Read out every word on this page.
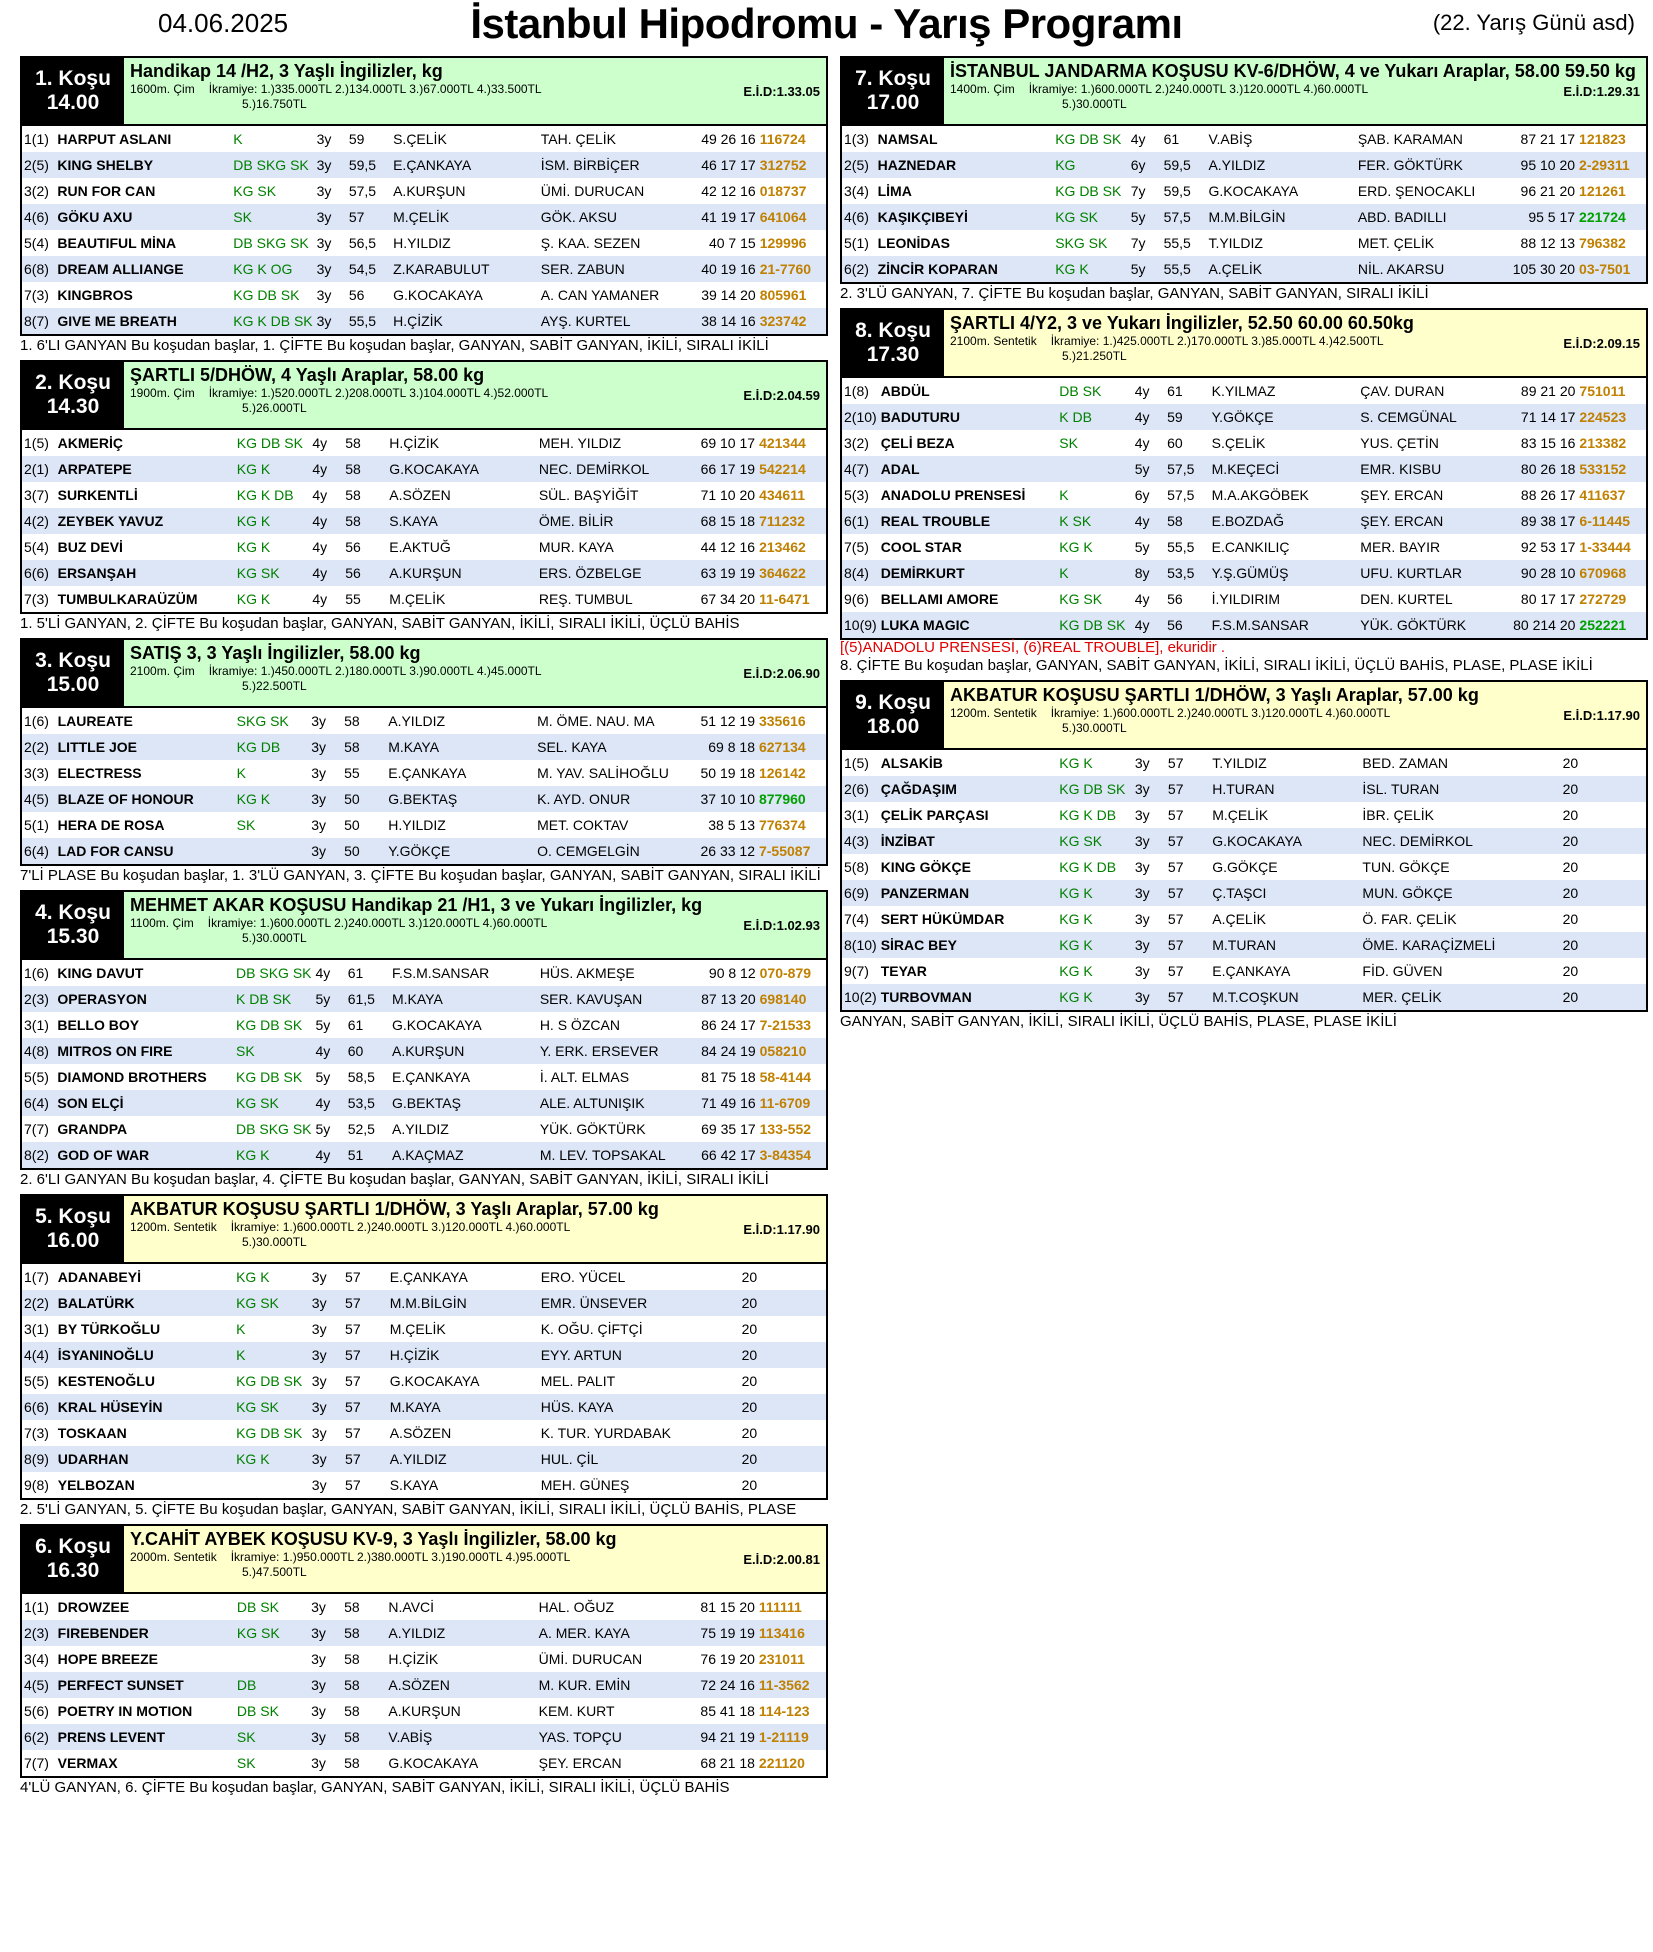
04.06.2025	İstanbul Hipodromu - Yarış Programı	(22. Yarış Günü asd)
1. Koşu
14.00
Handikap 14 /H2, 3 Yaşlı İngilizler, kg
1600m. Çim İkramiye: 1.)335.000TL 2.)134.000TL 3.)67.000TL 4.)33.500TL
5.)16.750TL
E.İ.D:1.33.05
1(1)	HARPUT ASLANI	K	3y	59	S.ÇELİK	TAH. ÇELİK	49 26 16	116724
2(5)	KING SHELBY	DB SKG SK	3y	59,5	E.ÇANKAYA	İSM. BİRBİÇER	46 17 17	312752
3(2)	RUN FOR CAN	KG SK	3y	57,5	A.KURŞUN	ÜMİ. DURUCAN	42 12 16	018737
4(6)	GÖKU AXU	SK	3y	57	M.ÇELİK	GÖK. AKSU	41 19 17	641064
5(4)	BEAUTIFUL MİNA	DB SKG SK	3y	56,5	H.YILDIZ	Ş. KAA. SEZEN	40 7 15	129996
6(8)	DREAM ALLIANGE	KG K OG	3y	54,5	Z.KARABULUT	SER. ZABUN	40 19 16	21-7760
7(3)	KINGBROS	KG DB SK	3y	56	G.KOCAKAYA	A. CAN YAMANER	39 14 20	805961
8(7)	GIVE ME BREATH	KG K DB SK	3y	55,5	H.ÇİZİK	AYŞ. KURTEL	38 14 16	323742
1. 6'LI GANYAN Bu koşudan başlar, 1. ÇİFTE Bu koşudan başlar, GANYAN, SABİT GANYAN, İKİLİ, SIRALI İKİLİ
2. Koşu
14.30
ŞARTLI 5/DHÖW, 4 Yaşlı Araplar, 58.00 kg
1900m. Çim İkramiye: 1.)520.000TL 2.)208.000TL 3.)104.000TL 4.)52.000TL
5.)26.000TL
E.İ.D:2.04.59
1(5)	AKMERİÇ	KG DB SK	4y	58	H.ÇİZİK	MEH. YILDIZ	69 10 17	421344
2(1)	ARPATEPE	KG K	4y	58	G.KOCAKAYA	NEC. DEMİRKOL	66 17 19	542214
3(7)	SURKENTLİ	KG K DB	4y	58	A.SÖZEN	SÜL. BAŞYİĞİT	71 10 20	434611
4(2)	ZEYBEK YAVUZ	KG K	4y	58	S.KAYA	ÖME. BİLİR	68 15 18	711232
5(4)	BUZ DEVİ	KG K	4y	56	E.AKTUĞ	MUR. KAYA	44 12 16	213462
6(6)	ERSANŞAH	KG SK	4y	56	A.KURŞUN	ERS. ÖZBELGE	63 19 19	364622
7(3)	TUMBULKARAÜZÜM	KG K	4y	55	M.ÇELİK	REŞ. TUMBUL	67 34 20	11-6471
1. 5'Lİ GANYAN, 2. ÇİFTE Bu koşudan başlar, GANYAN, SABİT GANYAN, İKİLİ, SIRALI İKİLİ, ÜÇLÜ BAHİS
3. Koşu
15.00
SATIŞ 3, 3 Yaşlı İngilizler, 58.00 kg
2100m. Çim İkramiye: 1.)450.000TL 2.)180.000TL 3.)90.000TL 4.)45.000TL
5.)22.500TL
E.İ.D:2.06.90
1(6)	LAUREATE	SKG SK	3y	58	A.YILDIZ	M. ÖME. NAU. MA	51 12 19	335616
2(2)	LITTLE JOE	KG DB	3y	58	M.KAYA	SEL. KAYA	69 8 18	627134
3(3)	ELECTRESS	K	3y	55	E.ÇANKAYA	M. YAV. SALİHOĞLU	50 19 18	126142
4(5)	BLAZE OF HONOUR	KG K	3y	50	G.BEKTAŞ	K. AYD. ONUR	37 10 10	877960
5(1)	HERA DE ROSA	SK	3y	50	H.YILDIZ	MET. COKTAV	38 5 13	776374
6(4)	LAD FOR CANSU		3y	50	Y.GÖKÇE	O. CEMGELGİN	26 33 12	7-55087
7'Lİ PLASE Bu koşudan başlar, 1. 3'LÜ GANYAN, 3. ÇİFTE Bu koşudan başlar, GANYAN, SABİT GANYAN, SIRALI İKİLİ
4. Koşu
15.30
MEHMET AKAR KOŞUSU Handikap 21 /H1, 3 ve Yukarı İngilizler, kg
1100m. Çim İkramiye: 1.)600.000TL 2.)240.000TL 3.)120.000TL 4.)60.000TL
5.)30.000TL
E.İ.D:1.02.93
1(6)	KING DAVUT	DB SKG SK	4y	61	F.S.M.SANSAR	HÜS. AKMEŞE	90 8 12	070-879
2(3)	OPERASYON	K DB SK	5y	61,5	M.KAYA	SER. KAVUŞAN	87 13 20	698140
3(1)	BELLO BOY	KG DB SK	5y	61	G.KOCAKAYA	H. S ÖZCAN	86 24 17	7-21533
4(8)	MITROS ON FIRE	SK	4y	60	A.KURŞUN	Y. ERK. ERSEVER	84 24 19	058210
5(5)	DIAMOND BROTHERS	KG DB SK	5y	58,5	E.ÇANKAYA	İ. ALT. ELMAS	81 75 18	58-4144
6(4)	SON ELÇİ	KG SK	4y	53,5	G.BEKTAŞ	ALE. ALTUNIŞIK	71 49 16	11-6709
7(7)	GRANDPA	DB SKG SK	5y	52,5	A.YILDIZ	YÜK. GÖKTÜRK	69 35 17	133-552
8(2)	GOD OF WAR	KG K	4y	51	A.KAÇMAZ	M. LEV. TOPSAKAL	66 42 17	3-84354
2. 6'LI GANYAN Bu koşudan başlar, 4. ÇİFTE Bu koşudan başlar, GANYAN, SABİT GANYAN, İKİLİ, SIRALI İKİLİ
5. Koşu
16.00
AKBATUR KOŞUSU ŞARTLI 1/DHÖW, 3 Yaşlı Araplar, 57.00 kg
1200m. Sentetik İkramiye: 1.)600.000TL 2.)240.000TL 3.)120.000TL 4.)60.000TL
5.)30.000TL
E.İ.D:1.17.90
1(7)	ADANABEYİ	KG K	3y	57	E.ÇANKAYA	ERO. YÜCEL	20	
2(2)	BALATÜRK	KG SK	3y	57	M.M.BİLGİN	EMR. ÜNSEVER	20	
3(1)	BY TÜRKOĞLU	K	3y	57	M.ÇELİK	K. OĞU. ÇİFTÇİ	20	
4(4)	İSYANINOĞLU	K	3y	57	H.ÇİZİK	EYY. ARTUN	20	
5(5)	KESTENOĞLU	KG DB SK	3y	57	G.KOCAKAYA	MEL. PALIT	20	
6(6)	KRAL HÜSEYİN	KG SK	3y	57	M.KAYA	HÜS. KAYA	20	
7(3)	TOSKAAN	KG DB SK	3y	57	A.SÖZEN	K. TUR. YURDABAK	20	
8(9)	UDARHAN	KG K	3y	57	A.YILDIZ	HUL. ÇİL	20	
9(8)	YELBOZAN		3y	57	S.KAYA	MEH. GÜNEŞ	20	
2. 5'Lİ GANYAN, 5. ÇİFTE Bu koşudan başlar, GANYAN, SABİT GANYAN, İKİLİ, SIRALI İKİLİ, ÜÇLÜ BAHİS, PLASE
6. Koşu
16.30
Y.CAHİT AYBEK KOŞUSU KV-9, 3 Yaşlı İngilizler, 58.00 kg
2000m. Sentetik İkramiye: 1.)950.000TL 2.)380.000TL 3.)190.000TL 4.)95.000TL
5.)47.500TL
E.İ.D:2.00.81
1(1)	DROWZEE	DB SK	3y	58	N.AVCİ	HAL. OĞUZ	81 15 20	111111
2(3)	FIREBENDER	KG SK	3y	58	A.YILDIZ	A. MER. KAYA	75 19 19	113416
3(4)	HOPE BREEZE		3y	58	H.ÇİZİK	ÜMİ. DURUCAN	76 19 20	231011
4(5)	PERFECT SUNSET	DB	3y	58	A.SÖZEN	M. KUR. EMİN	72 24 16	11-3562
5(6)	POETRY IN MOTION	DB SK	3y	58	A.KURŞUN	KEM. KURT	85 41 18	114-123
6(2)	PRENS LEVENT	SK	3y	58	V.ABİŞ	YAS. TOPÇU	94 21 19	1-21119
7(7)	VERMAX	SK	3y	58	G.KOCAKAYA	ŞEY. ERCAN	68 21 18	221120
4'LÜ GANYAN, 6. ÇİFTE Bu koşudan başlar, GANYAN, SABİT GANYAN, İKİLİ, SIRALI İKİLİ, ÜÇLÜ BAHİS
7. Koşu
17.00
İSTANBUL JANDARMA KOŞUSU KV-6/DHÖW, 4 ve Yukarı Araplar, 58.00 59.50 kg
1400m. Çim İkramiye: 1.)600.000TL 2.)240.000TL 3.)120.000TL 4.)60.000TL
5.)30.000TL
E.İ.D:1.29.31
1(3)	NAMSAL	KG DB SK	4y	61	V.ABİŞ	ŞAB. KARAMAN	87 21 17	121823
2(5)	HAZNEDAR	KG	6y	59,5	A.YILDIZ	FER. GÖKTÜRK	95 10 20	2-29311
3(4)	LİMA	KG DB SK	7y	59,5	G.KOCAKAYA	ERD. ŞENOCAKLI	96 21 20	121261
4(6)	KAŞIKÇIBEYİ	KG SK	5y	57,5	M.M.BİLGİN	ABD. BADILLI	95 5 17	221724
5(1)	LEONİDAS	SKG SK	7y	55,5	T.YILDIZ	MET. ÇELİK	88 12 13	796382
6(2)	ZİNCİR KOPARAN	KG K	5y	55,5	A.ÇELİK	NİL. AKARSU	105 30 20	03-7501
2. 3'LÜ GANYAN, 7. ÇİFTE Bu koşudan başlar, GANYAN, SABİT GANYAN, SIRALI İKİLİ
8. Koşu
17.30
ŞARTLI 4/Y2, 3 ve Yukarı İngilizler, 52.50 60.00 60.50kg
2100m. Sentetik İkramiye: 1.)425.000TL 2.)170.000TL 3.)85.000TL 4.)42.500TL
5.)21.250TL
E.İ.D:2.09.15
1(8)	ABDÜL	DB SK	4y	61	K.YILMAZ	ÇAV. DURAN	89 21 20	751011
2(10)	BADUTURU	K DB	4y	59	Y.GÖKÇE	S. CEMGÜNAL	71 14 17	224523
3(2)	ÇELİ BEZA	SK	4y	60	S.ÇELİK	YUS. ÇETİN	83 15 16	213382
4(7)	ADAL		5y	57,5	M.KEÇECİ	EMR. KISBU	80 26 18	533152
5(3)	ANADOLU PRENSESİ	K	6y	57,5	M.A.AKGÖBEK	ŞEY. ERCAN	88 26 17	411637
6(1)	REAL TROUBLE	K SK	4y	58	E.BOZDAĞ	ŞEY. ERCAN	89 38 17	6-11445
7(5)	COOL STAR	KG K	5y	55,5	E.CANKILIÇ	MER. BAYIR	92 53 17	1-33444
8(4)	DEMİRKURT	K	8y	53,5	Y.Ş.GÜMÜŞ	UFU. KURTLAR	90 28 10	670968
9(6)	BELLAMI AMORE	KG SK	4y	56	İ.YILDIRIM	DEN. KURTEL	80 17 17	272729
10(9)	LUKA MAGIC	KG DB SK	4y	56	F.S.M.SANSAR	YÜK. GÖKTÜRK	80 214 20	252221
[(5)ANADOLU PRENSESİ, (6)REAL TROUBLE], ekuridir .
8. ÇİFTE Bu koşudan başlar, GANYAN, SABİT GANYAN, İKİLİ, SIRALI İKİLİ, ÜÇLÜ BAHİS, PLASE, PLASE İKİLİ
9. Koşu
18.00
AKBATUR KOŞUSU ŞARTLI 1/DHÖW, 3 Yaşlı Araplar, 57.00 kg
1200m. Sentetik İkramiye: 1.)600.000TL 2.)240.000TL 3.)120.000TL 4.)60.000TL
5.)30.000TL
E.İ.D:1.17.90
1(5)	ALSAKİB	KG K	3y	57	T.YILDIZ	BED. ZAMAN	20	
2(6)	ÇAĞDAŞIM	KG DB SK	3y	57	H.TURAN	İSL. TURAN	20	
3(1)	ÇELİK PARÇASI	KG K DB	3y	57	M.ÇELİK	İBR. ÇELİK	20	
4(3)	İNZİBAT	KG SK	3y	57	G.KOCAKAYA	NEC. DEMİRKOL	20	
5(8)	KING GÖKÇE	KG K DB	3y	57	G.GÖKÇE	TUN. GÖKÇE	20	
6(9)	PANZERMAN	KG K	3y	57	Ç.TAŞCI	MUN. GÖKÇE	20	
7(4)	SERT HÜKÜMDAR	KG K	3y	57	A.ÇELİK	Ö. FAR. ÇELİK	20	
8(10)	SİRAC BEY	KG K	3y	57	M.TURAN	ÖME. KARAÇİZMELİ	20	
9(7)	TEYAR	KG K	3y	57	E.ÇANKAYA	FİD. GÜVEN	20	
10(2)	TURBOVMAN	KG K	3y	57	M.T.COŞKUN	MER. ÇELİK	20	
GANYAN, SABİT GANYAN, İKİLİ, SIRALI İKİLİ, ÜÇLÜ BAHİS, PLASE, PLASE İKİLİ
